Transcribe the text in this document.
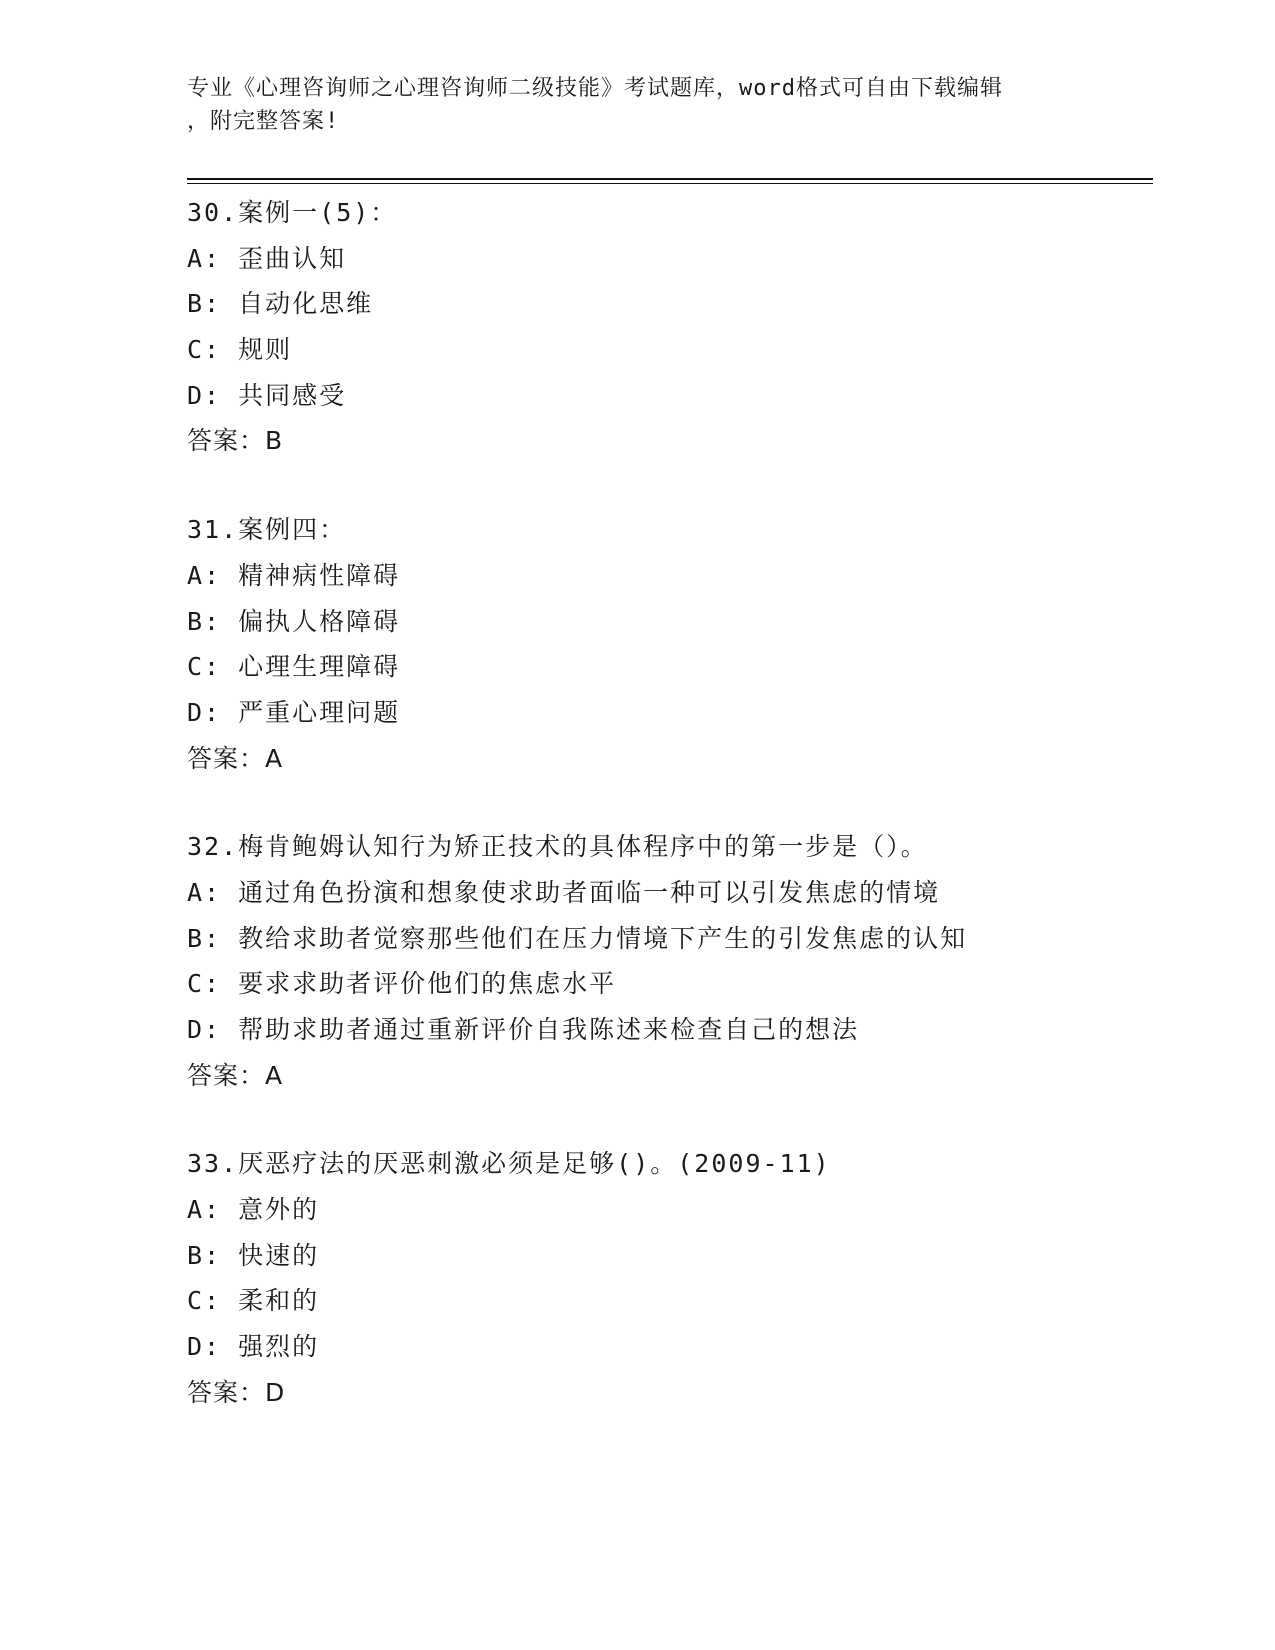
专业《心理咨询师之心理咨询师二级技能》考试题库，word格式可自由下载编辑
，附完整答案!
30.案例一(5)：
A: 歪曲认知
B: 自动化思维
C: 规则
D: 共同感受
答案：B
31.案例四：
A: 精神病性障碍
B: 偏执人格障碍
C: 心理生理障碍
D: 严重心理问题
答案：A
32.梅肯鲍姆认知行为矫正技术的具体程序中的第一步是（）。
A: 通过角色扮演和想象使求助者面临一种可以引发焦虑的情境
B: 教给求助者觉察那些他们在压力情境下产生的引发焦虑的认知
C: 要求求助者评价他们的焦虑水平
D: 帮助求助者通过重新评价自我陈述来检查自己的想法
答案：A
33.厌恶疗法的厌恶刺激必须是足够()。(2009-11)
A: 意外的
B: 快速的
C: 柔和的
D: 强烈的
答案：D
